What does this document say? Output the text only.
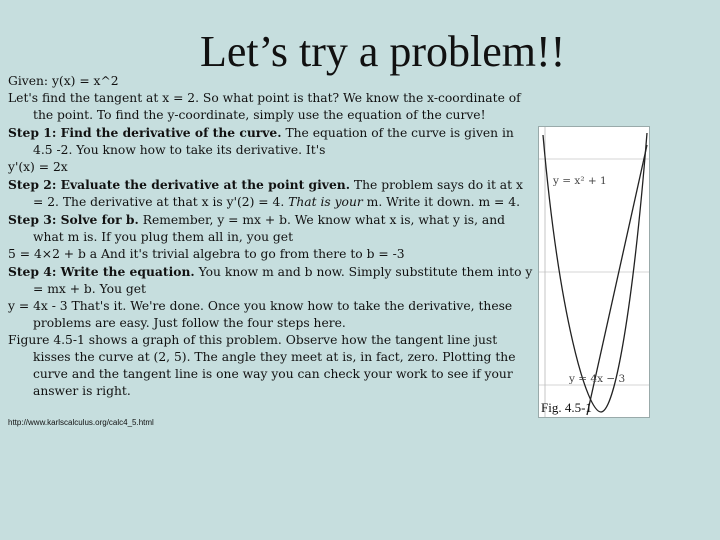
Let’s try a problem!!

Given: y(x) = x^2

Let's find the tangent at x = 2. So what point is that? We know the x-coordinate of the point. To find the y-coordinate, simply use the equation of the curve!

Step 1: Find the derivative of the curve. The equation of the curve is given in 4.5 -2. You know how to take its derivative. It's

y'(x) = 2x

Step 2: Evaluate the derivative at the point given. The problem says do it at x = 2. The derivative at that x is y'(2) = 4. That is your m. Write it down. m = 4.

Step 3: Solve for b. Remember, y = mx + b. We know what x is, what y is, and what m is. If you plug them all in, you get

5 = 4×2 + b a And it's trivial algebra to go from there to b = -3

Step 4: Write the equation. You know m and b now. Simply substitute them into y = mx + b. You get

y = 4x - 3 That's it. We're done. Once you know how to take the derivative, these problems are easy. Just follow the four steps here.

Figure 4.5-1 shows a graph of this problem. Observe how the tangent line just kisses the curve at (2, 5). The angle they meet at is, in fact, zero. Plotting the curve and the tangent line is one way you can check your work to see if your answer is right.

http://www.karlscalculus.org/calc4_5.html
y = x² + 1
y = 4x − 3
Fig. 4.5-1
